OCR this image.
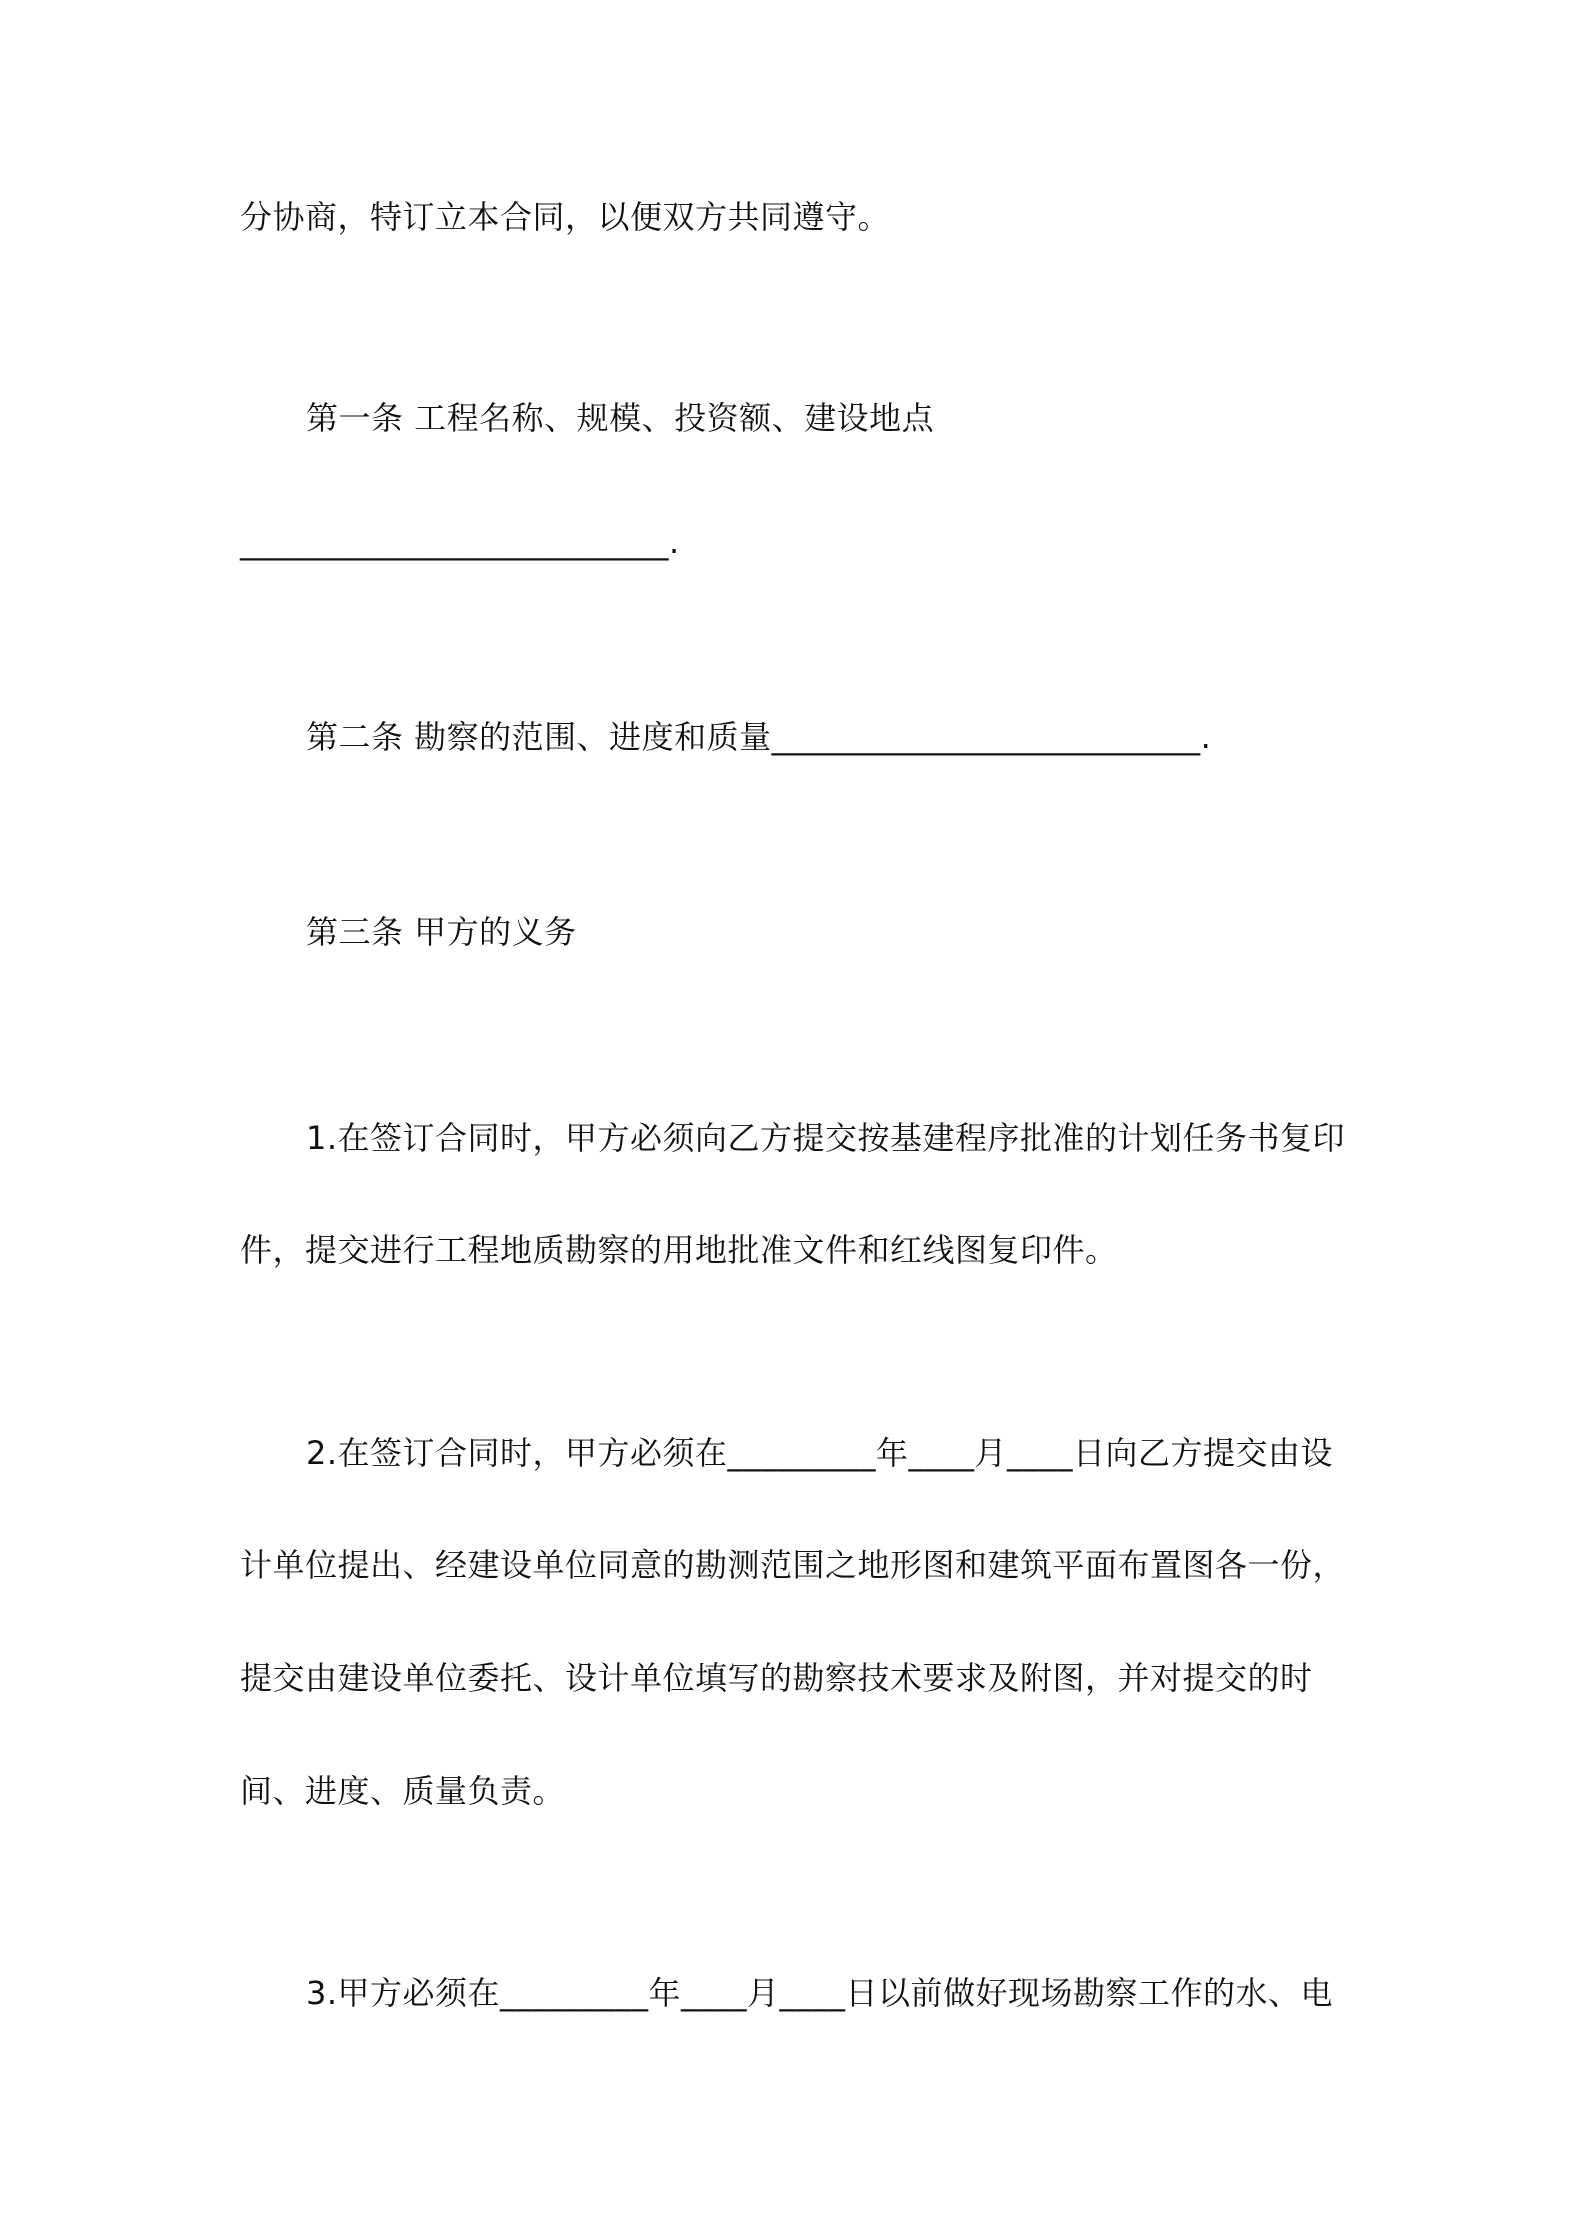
分协商，特订立本合同，以便双方共同遵守。
第一条 工程名称、规模、投资额、建设地点
__________________________.
第二条 勘察的范围、进度和质量__________________________.
第三条 甲方的义务
1.在签订合同时，甲方必须向乙方提交按基建程序批准的计划任务书复印
件，提交进行工程地质勘察的用地批准文件和红线图复印件。
2.在签订合同时，甲方必须在_________年____月____日向乙方提交由设
计单位提出、经建设单位同意的勘测范围之地形图和建筑平面布置图各一份，
提交由建设单位委托、设计单位填写的勘察技术要求及附图，并对提交的时
间、进度、质量负责。
3.甲方必须在_________年____月____日以前做好现场勘察工作的水、电
